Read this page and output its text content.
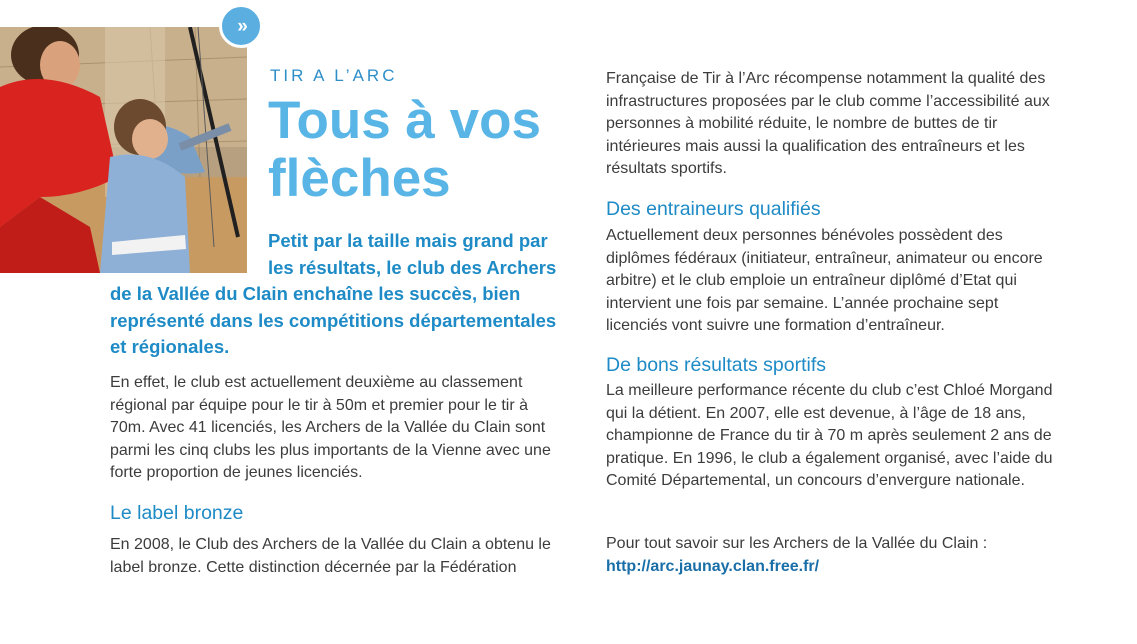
»
TIR A L’ARC
Tous à vos flèches

Petit par la taille mais grand par les résultats, le club des Archers de la Vallée du Clain enchaîne les succès, bien représenté dans les compétitions départementales et régionales.

En effet, le club est actuellement deuxième au classement régional par équipe pour le tir à 50m et premier pour le tir à 70m. Avec 41 licenciés, les Archers de la Vallée du Clain sont parmi les cinq clubs les plus importants de la Vienne avec une forte proportion de jeunes licenciés.

Le label bronze

En 2008, le Club des Archers de la Vallée du Clain a obtenu le label bronze. Cette distinction décernée par la Fédération

Française de Tir à l’Arc récompense notamment la qualité des infrastructures proposées par le club comme l’accessibilité aux personnes à mobilité réduite, le nombre de buttes de tir intérieures mais aussi la qualification des entraîneurs et les résultats sportifs.

Des entraineurs qualifiés

Actuellement deux personnes bénévoles possèdent des diplômes fédéraux (initiateur, entraîneur, animateur ou encore arbitre) et le club emploie un entraîneur diplômé d’Etat qui intervient une fois par semaine. L’année prochaine sept licenciés vont suivre une formation d’entraîneur.

De bons résultats sportifs

La meilleure performance récente du club c’est Chloé Morgand qui la détient. En 2007, elle est devenue, à l’âge de 18 ans, championne de France du tir à 70 m après seulement 2 ans de pratique. En 1996, le club a également organisé, avec l’aide du Comité Départemental, un concours d’envergure nationale.

Pour tout savoir sur les Archers de la Vallée du Clain :
http://arc.jaunay.clan.free.fr/
